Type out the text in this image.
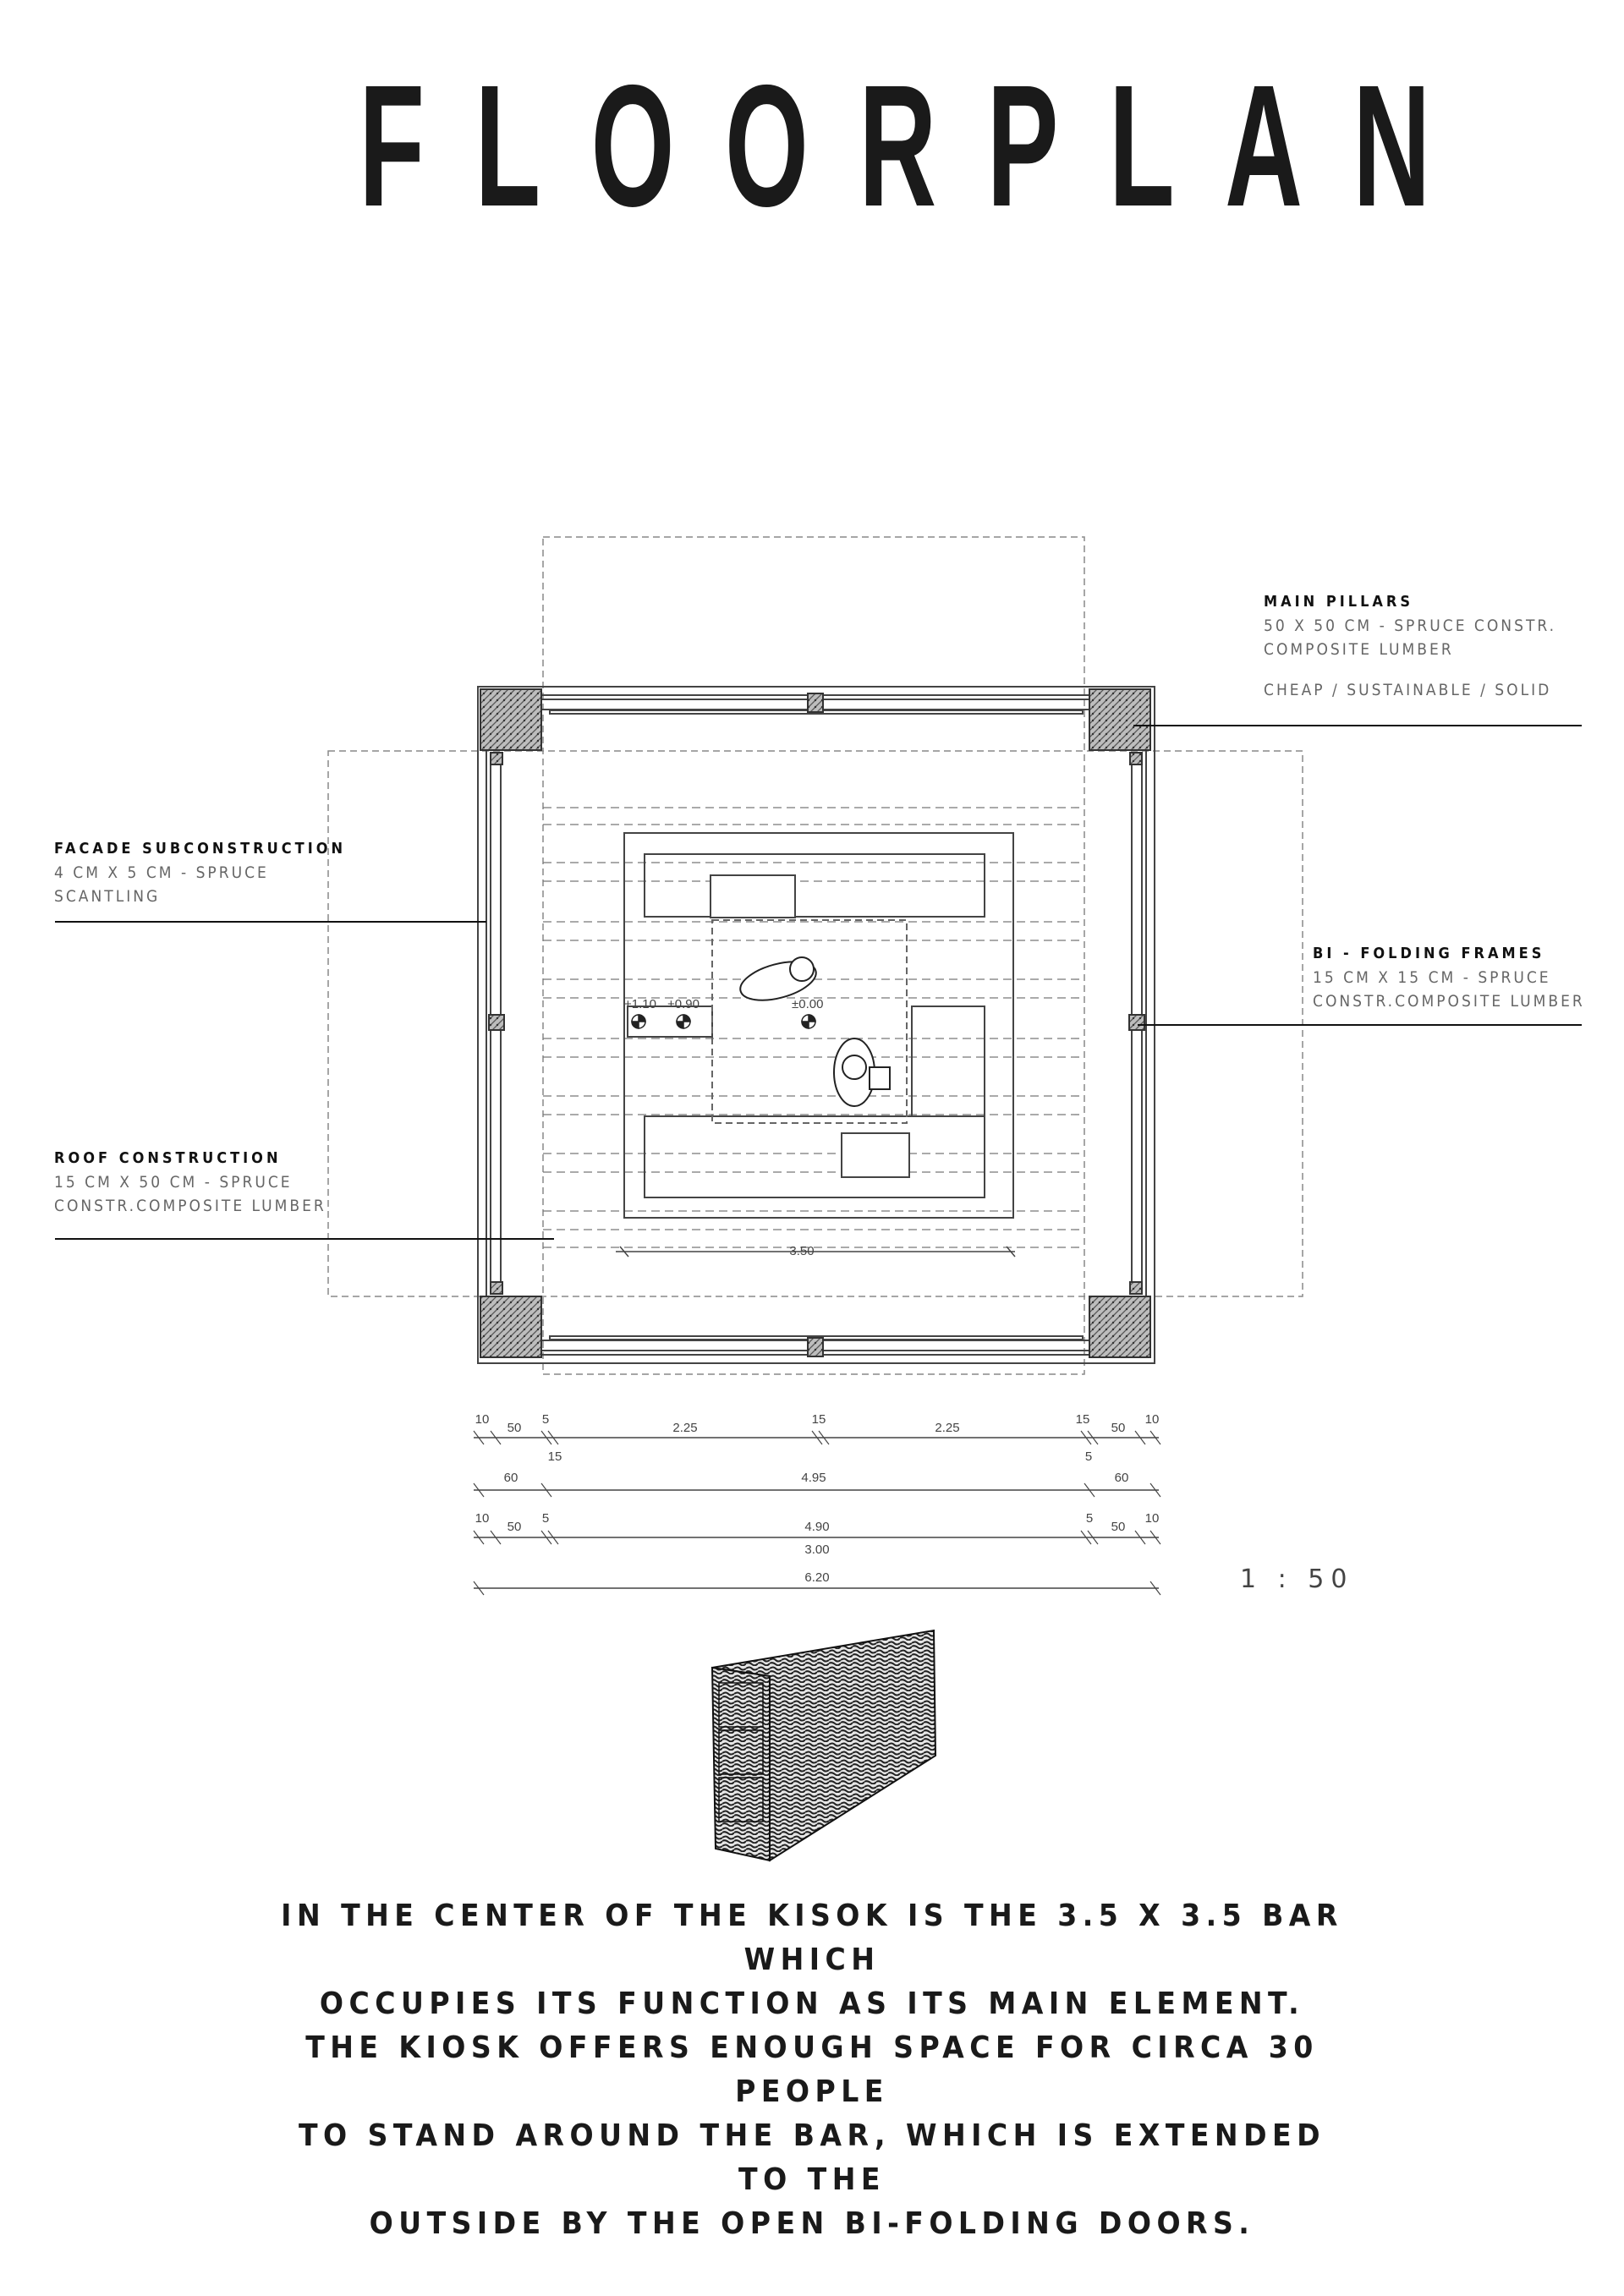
FLOORPLAN
+1.10 +0.90	±0.00
3.50
10
50
5
2.25
15
2.25
15
50
10
15	5
60	4.95	60
10
50
5
4.90
5
50
10
3.00
6.20
MAIN PILLARS
50 X 50 CM - SPRUCE CONSTR.
COMPOSITE LUMBER
CHEAP / SUSTAINABLE / SOLID
FACADE SUBCONSTRUCTION
4 CM X 5 CM - SPRUCE
SCANTLING
BI - FOLDING FRAMES
15 CM X 15 CM - SPRUCE
CONSTR.COMPOSITE LUMBER
ROOF CONSTRUCTION
15 CM X 50 CM - SPRUCE
CONSTR.COMPOSITE LUMBER
1 : 50
IN THE CENTER OF THE KISOK IS THE 3.5 X 3.5 BAR WHICH
OCCUPIES ITS FUNCTION AS ITS MAIN ELEMENT.
THE KIOSK OFFERS ENOUGH SPACE FOR CIRCA 30 PEOPLE
TO STAND AROUND THE BAR, WHICH IS EXTENDED TO THE
OUTSIDE BY THE OPEN BI-FOLDING DOORS.
